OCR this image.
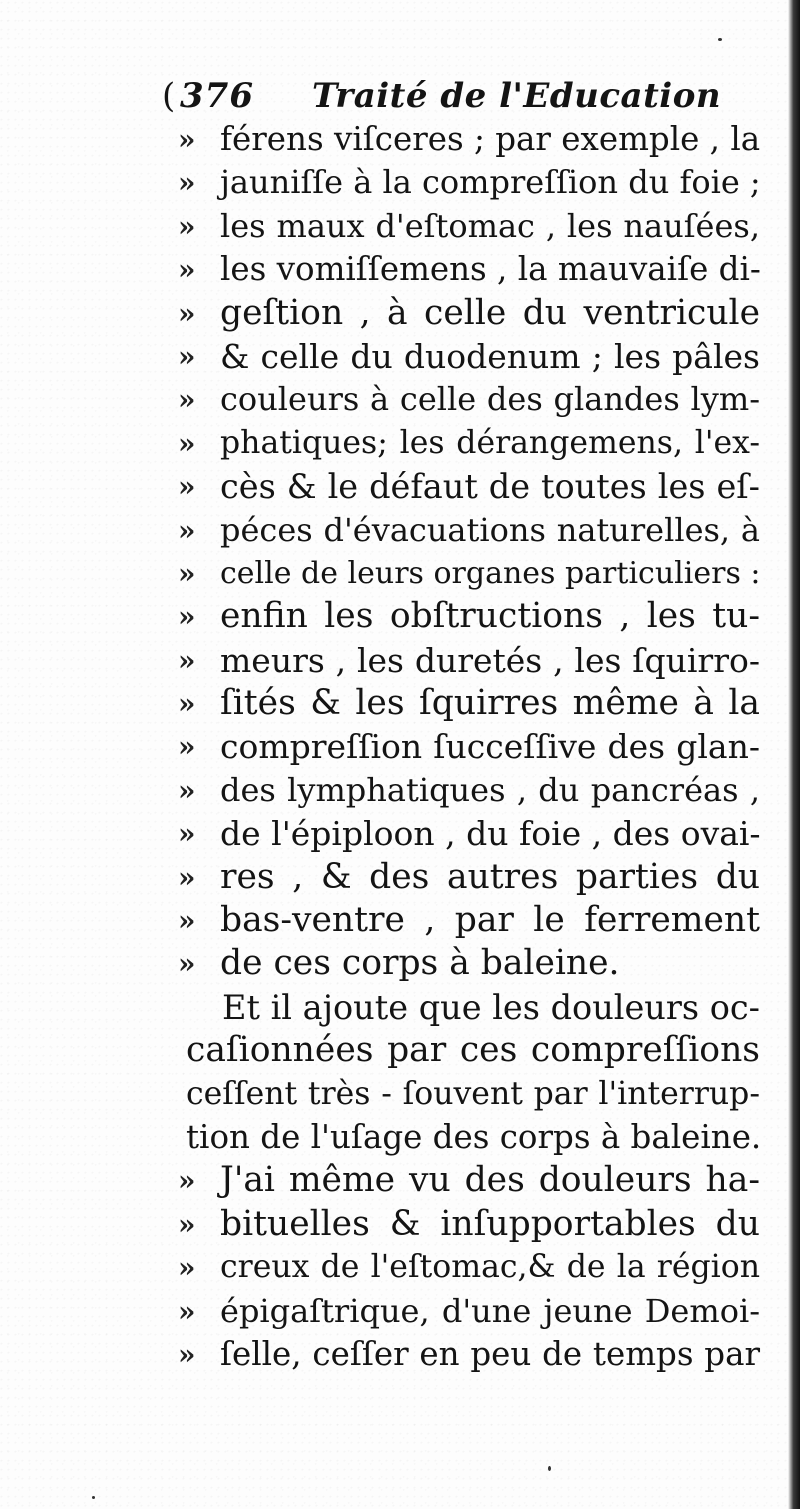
( 376 Traité de l'Education
» férens viſceres ; par exemple , la
» jauniſſe à la compreſſion du foie ;
» les maux d'eſtomac , les nauſées,
» les vomiſſemens , la mauvaiſe di-
» geſtion , à celle du ventricule
» & celle du duodenum ; les pâles
» couleurs à celle des glandes lym-
» phatiques; les dérangemens, l'ex-
» cès & le défaut de toutes les eſ-
» péces d'évacuations naturelles, à
» celle de leurs organes particuliers :
» enfin les obſtructions , les tu-
» meurs , les duretés , les ſquirro-
» ſités & les ſquirres même à la
» compreſſion ſucceſſive des glan-
» des lymphatiques , du pancréas ,
» de l'épiploon , du foie , des ovai-
» res , & des autres parties du
» bas-ventre , par le ferrement
» de ces corps à baleine.
Et il ajoute que les douleurs oc-
caſionnées par ces compreſſions
ceſſent très - ſouvent par l'interrup-
tion de l'uſage des corps à baleine.
» J'ai même vu des douleurs ha-
» bituelles & inſupportables du
» creux de l'eſtomac,& de la région
» épigaſtrique, d'une jeune Demoi-
» ſelle, ceſſer en peu de temps par
